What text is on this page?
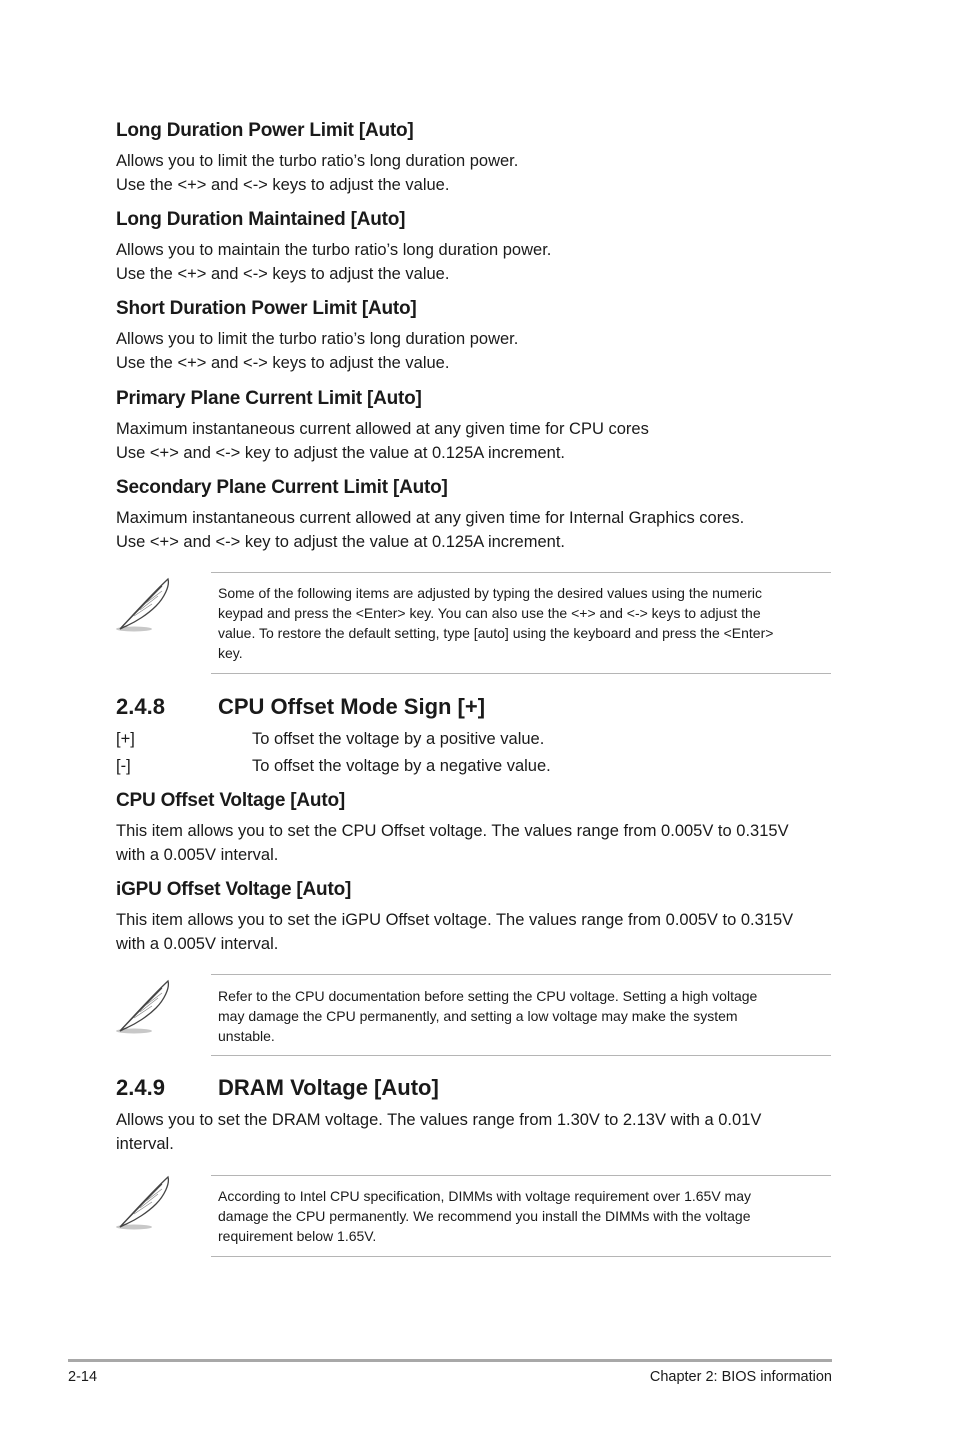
Long Duration Power Limit [Auto]
Allows you to limit the turbo ratio’s long duration power.
Use the <+> and <-> keys to adjust the value.
Long Duration Maintained [Auto]
Allows you to maintain the turbo ratio’s long duration power.
Use the <+> and <-> keys to adjust the value.
Short Duration Power Limit [Auto]
Allows you to limit the turbo ratio’s long duration power.
Use the <+> and <-> keys to adjust the value.
Primary Plane Current Limit [Auto]
Maximum instantaneous current allowed at any given time for CPU cores
Use <+> and <-> key to adjust the value at 0.125A increment.
Secondary Plane Current Limit [Auto]
Maximum instantaneous current allowed at any given time for Internal Graphics cores.
Use <+> and <-> key to adjust the value at 0.125A increment.
Some of the following items are adjusted by typing the desired values using the numeric
keypad and press the <Enter> key. You can also use the <+> and <-> keys to adjust the
value. To restore the default setting, type [auto] using the keyboard and press the <Enter>
key.
2.4.8 CPU Offset Mode Sign [+]
[+]	To offset the voltage by a positive value.
[-]	To offset the voltage by a negative value.
CPU Offset Voltage [Auto]
This item allows you to set the CPU Offset voltage. The values range from 0.005V to 0.315V
with a 0.005V interval.
iGPU Offset Voltage [Auto]
This item allows you to set the iGPU Offset voltage. The values range from 0.005V to 0.315V
with a 0.005V interval.
Refer to the CPU documentation before setting the CPU voltage. Setting a high voltage
may damage the CPU permanently, and setting a low voltage may make the system
unstable.
2.4.9 DRAM Voltage [Auto]
Allows you to set the DRAM voltage. The values range from 1.30V to 2.13V with a 0.01V
interval.
According to Intel CPU specification, DIMMs with voltage requirement over 1.65V may
damage the CPU permanently. We recommend you install the DIMMs with the voltage
requirement below 1.65V.
2-14	Chapter 2: BIOS information
